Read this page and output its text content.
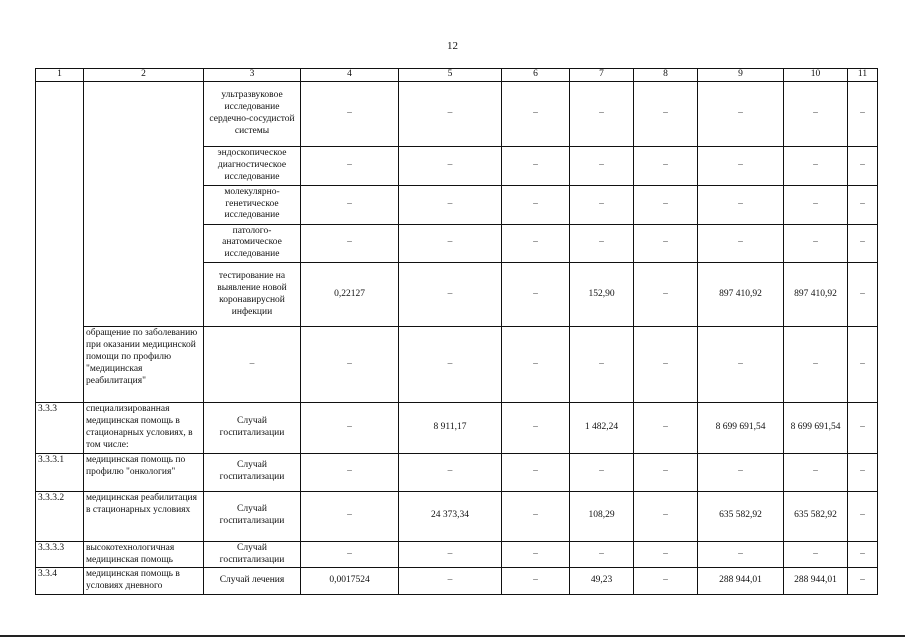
12
1	2	3	4	5	6	7	8	9	10	11
		ультразвуковое исследование сердечно-сосудистой системы	–	–	–	–	–	–	–	–
		эндоскопическое диагностическое исследование	–	–	–	–	–	–	–	–
		молекулярно-генетическое исследование	–	–	–	–	–	–	–	–
		патолого-анатомическое исследование	–	–	–	–	–	–	–	–
		тестирование на выявление новой коронавирусной инфекции	0,22127	–	–	152,90	–	897 410,92	897 410,92	–
	обращение по заболеванию при оказании медицинской помощи по профилю "медицинская реабилитация"	–	–	–	–	–	–	–	–	–
3.3.3	специализированная медицинская помощь в стационарных условиях, в том числе:	Случай госпитализации	–	8 911,17	–	1 482,24	–	8 699 691,54	8 699 691,54	–
3.3.3.1	медицинская помощь по профилю "онкология"	Случай госпитализации	–	–	–	–	–	–	–	–
3.3.3.2	медицинская реабилитация в стационарных условиях	Случай госпитализации	–	24 373,34	–	108,29	–	635 582,92	635 582,92	–
3.3.3.3	высокотехнологичная медицинская помощь	Случай госпитализации	–	–	–	–	–	–	–	–
3.3.4	медицинская помощь в условиях дневного	Случай лечения	0,0017524	–	–	49,23	–	288 944,01	288 944,01	–
